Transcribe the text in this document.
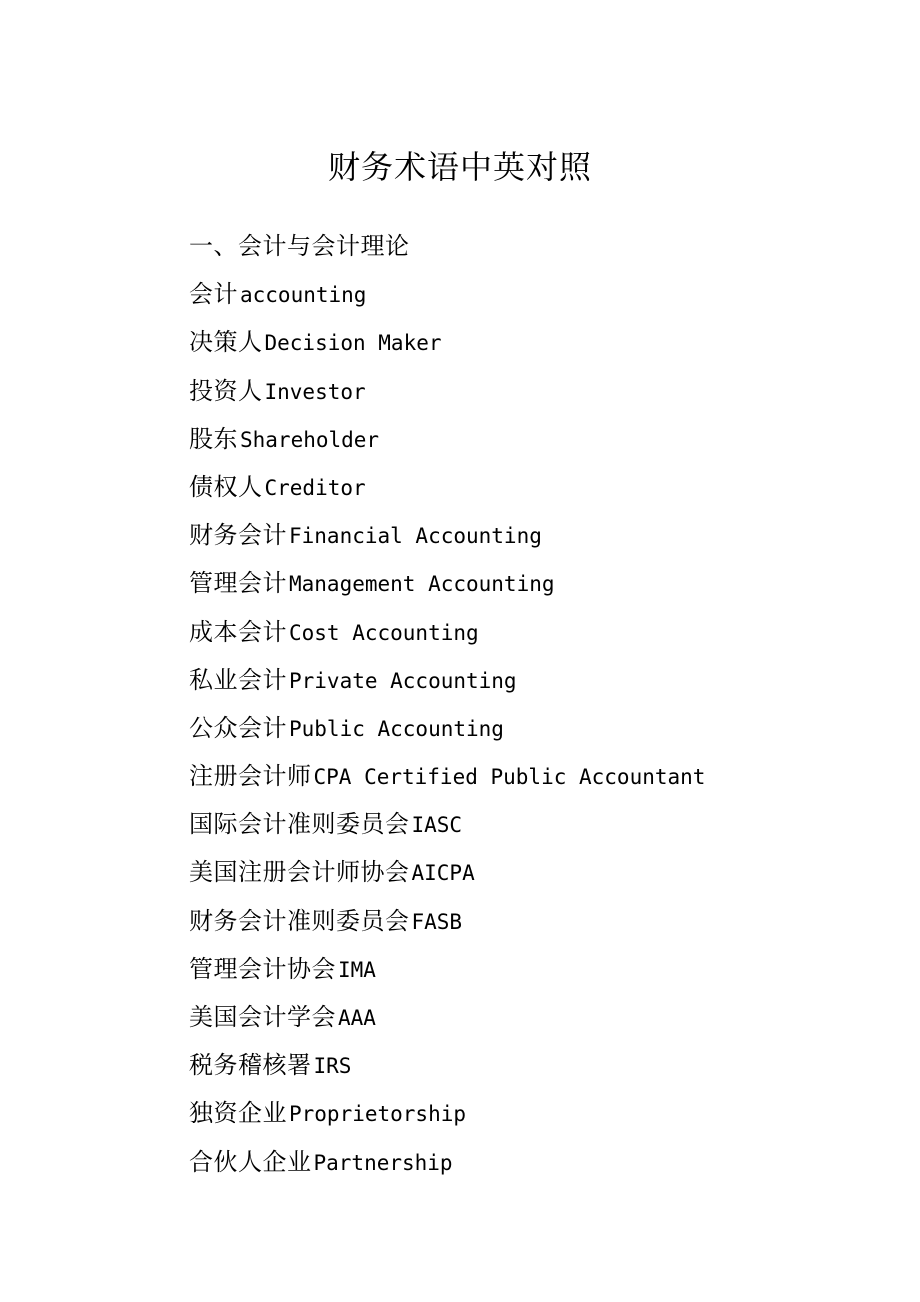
财务术语中英对照
一、会计与会计理论
会计accounting
决策人Decision Maker
投资人Investor
股东Shareholder
债权人Creditor
财务会计Financial Accounting
管理会计Management Accounting
成本会计Cost Accounting
私业会计Private Accounting
公众会计Public Accounting
注册会计师CPA Certified Public Accountant
国际会计准则委员会IASC
美国注册会计师协会AICPA
财务会计准则委员会FASB
管理会计协会IMA
美国会计学会AAA
税务稽核署IRS
独资企业Proprietorship
合伙人企业Partnership
